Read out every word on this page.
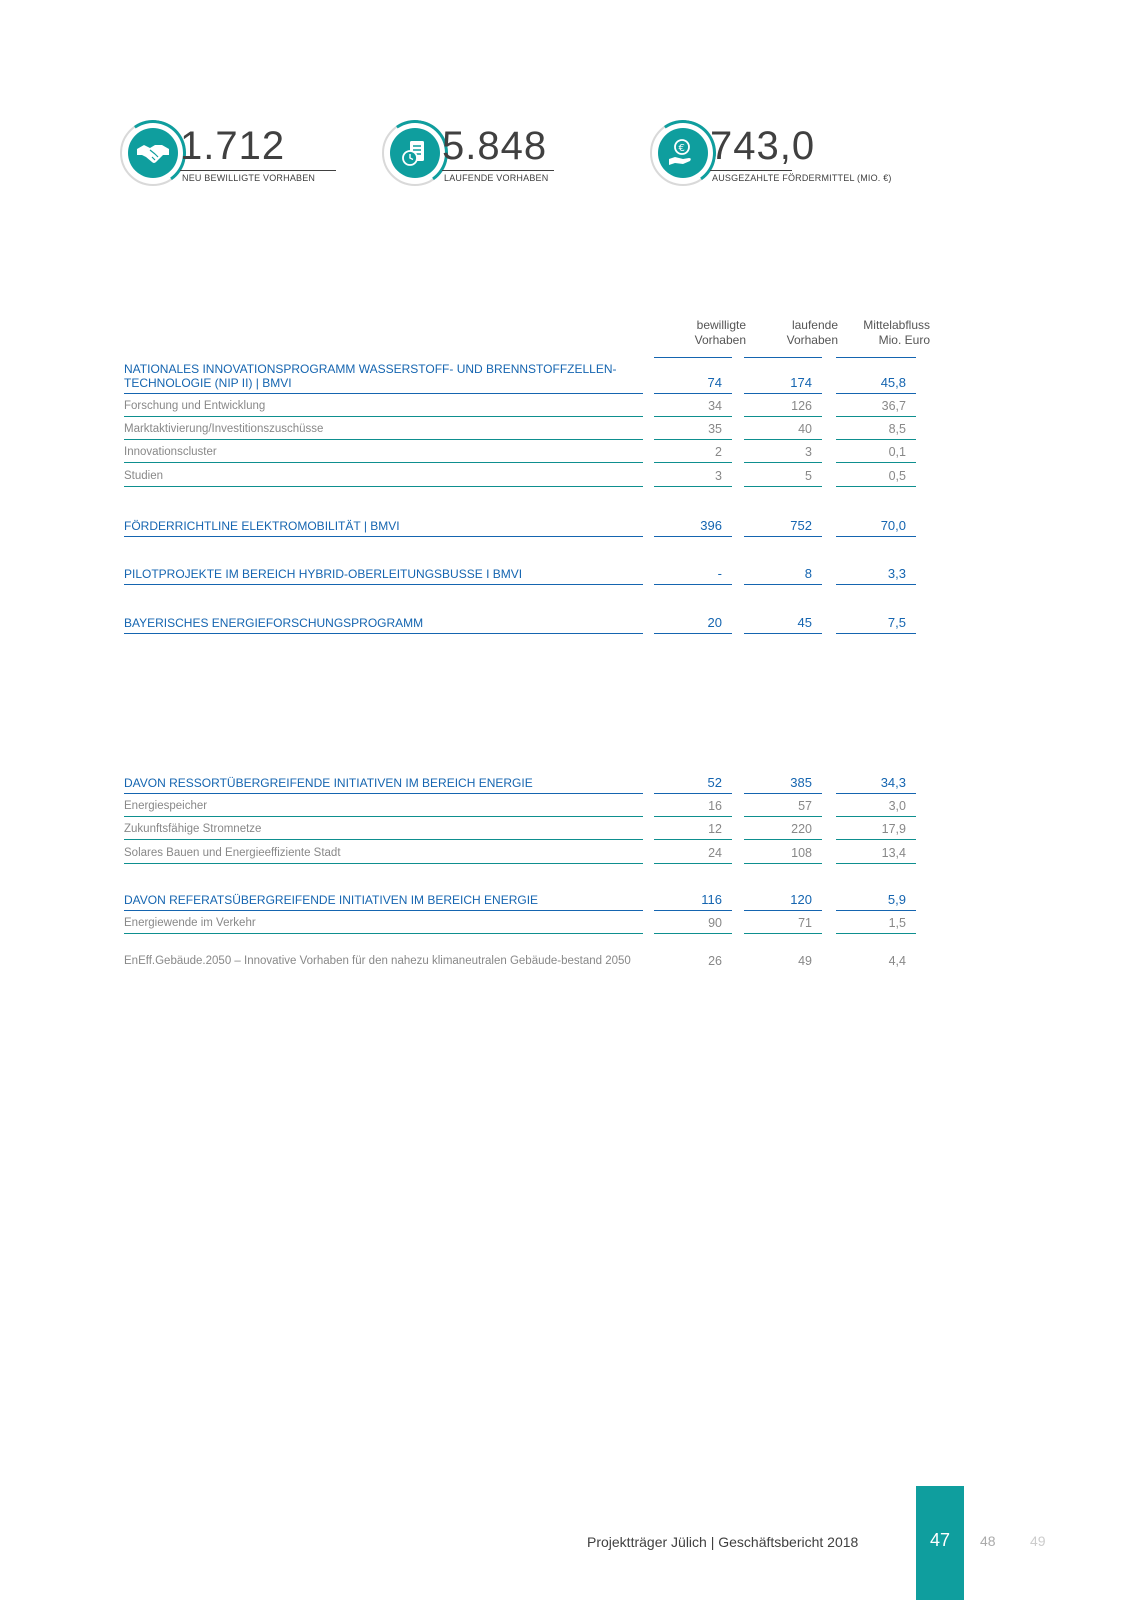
1.712
NEU BEWILLIGTE VORHABEN
5.848
LAUFENDE VORHABEN
€ 743,0
AUSGEZAHLTE FÖRDERMITTEL (MIO. €)
bewilligte
Vorhaben
laufende
Vorhaben
Mittelabfluss
Mio. Euro
NATIONALES INNOVATIONSPROGRAMM WASSERSTOFF- UND BRENNSTOFFZELLEN-TECHNOLOGIE (NIP II) | BMVI	74	174	45,8
Forschung und Entwicklung	34	126	36,7
Marktaktivierung/Investitionszuschüsse	35	40	8,5
Innovationscluster	2	3	0,1
Studien	3	5	0,5
FÖRDERRICHTLINE ELEKTROMOBILITÄT | BMVI	396	752	70,0
PILOTPROJEKTE IM BEREICH HYBRID-OBERLEITUNGSBUSSE I BMVI	-	8	3,3
BAYERISCHES ENERGIEFORSCHUNGSPROGRAMM	20	45	7,5
DAVON RESSORTÜBERGREIFENDE INITIATIVEN IM BEREICH ENERGIE	52	385	34,3
Energiespeicher	16	57	3,0
Zukunftsfähige Stromnetze	12	220	17,9
Solares Bauen und Energieeffiziente Stadt	24	108	13,4
DAVON REFERATSÜBERGREIFENDE INITIATIVEN IM BEREICH ENERGIE	116	120	5,9
Energiewende im Verkehr	90	71	1,5
EnEff.Gebäude.2050 – Innovative Vorhaben für den nahezu klimaneutralen Gebäude-bestand 2050	26	49	4,4
Projektträger Jülich | Geschäftsbericht 2018	47	48 49
